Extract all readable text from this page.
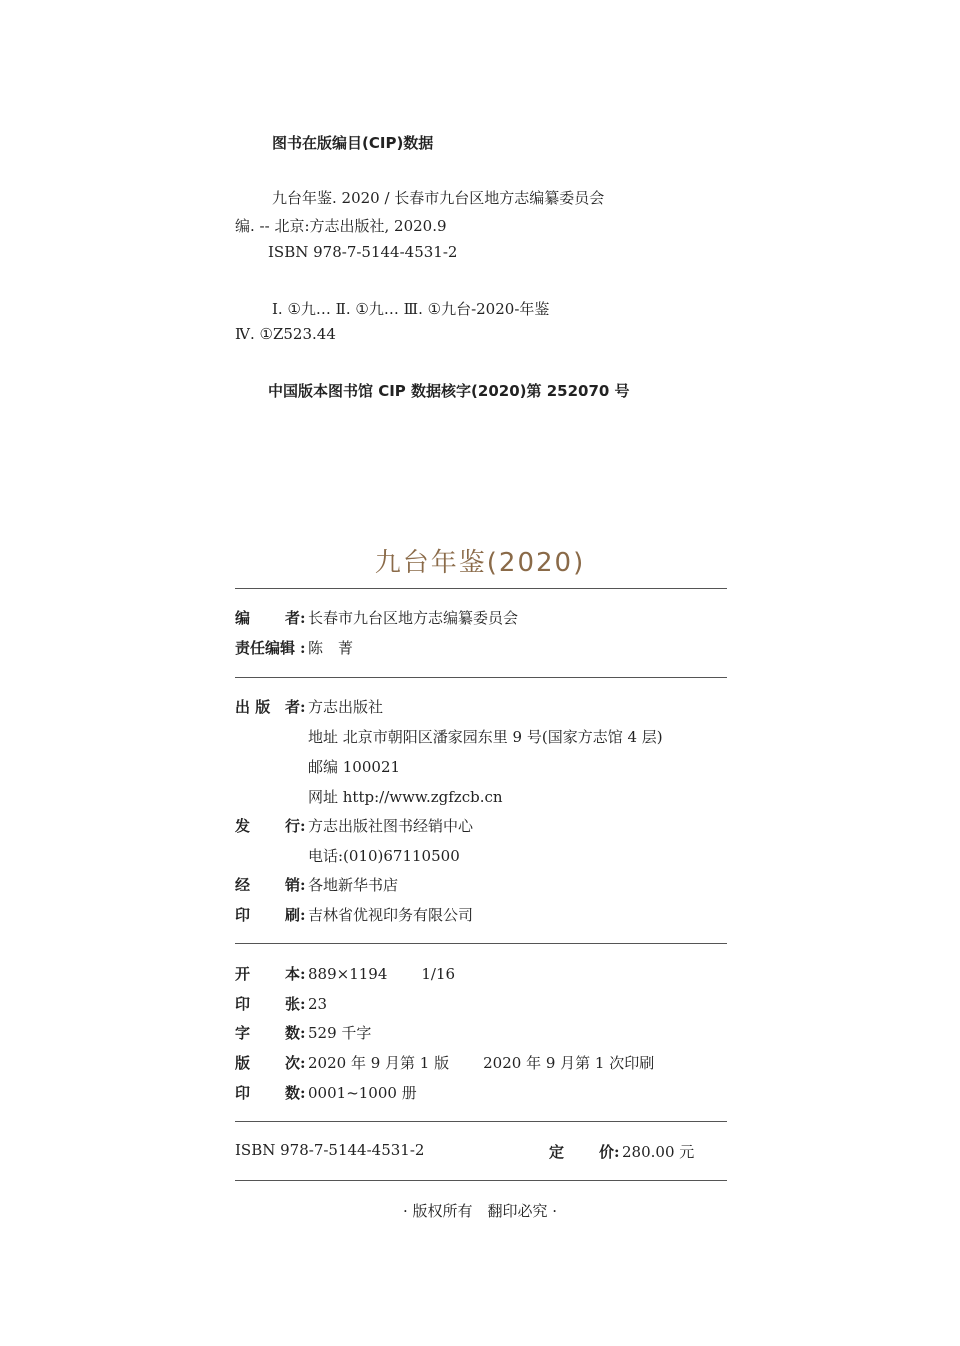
图书在版编目(CIP)数据
九台年鉴. 2020 / 长春市九台区地方志编纂委员会
编. -- 北京:方志出版社, 2020.9
ISBN 978-7-5144-4531-2
Ⅰ. ①九… Ⅱ. ①九… Ⅲ. ①九台-2020-年鉴
Ⅳ. ①Z523.44
中国版本图书馆 CIP 数据核字(2020)第 252070 号
九台年鉴(2020)
编 者: 长春市九台区地方志编纂委员会
责任编辑 : 陈　菁
出 版 者: 方志出版社
地址 北京市朝阳区潘家园东里 9 号(国家方志馆 4 层)
邮编 100021
网址 http://www.zgfzcb.cn
发 行: 方志出版社图书经销中心
电话:(010)67110500
经 销: 各地新华书店
印 刷: 吉林省优视印务有限公司
开 本: 889×1194 1/16
印 张: 23
字 数: 529 千字
版 次: 2020 年 9 月第 1 版 2020 年 9 月第 1 次印刷
印 数: 0001~1000 册
ISBN 978-7-5144-4531-2	定 价: 280.00 元
· 版权所有　翻印必究 ·
